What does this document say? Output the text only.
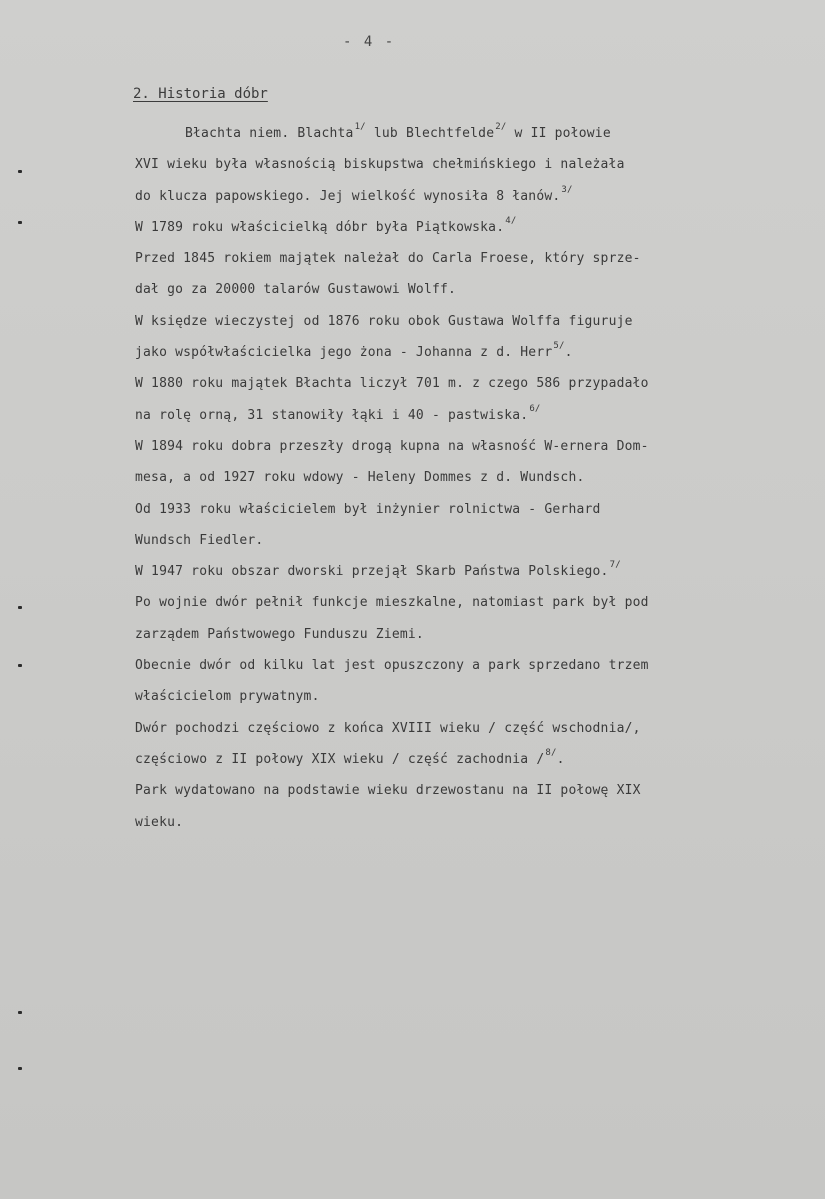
- 4 -
2. Historia dóbr
Błachta niem. Blachta$^{1/}$ lub Blechtfelde$^{2/}$ w II połowie
XVI wieku była własnością biskupstwa chełmińskiego i należała
do klucza papowskiego. Jej wielkość wynosiła 8 łanów.$^{3/}$
W 1789 roku właścicielką dóbr była Piątkowska.$^{4/}$
Przed 1845 rokiem majątek należał do Carla Froese, który sprze-
dał go za 20000 talarów Gustawowi Wolff.
W księdze wieczystej od 1876 roku obok Gustawa Wolffa figuruje
jako współwłaścicielka jego żona - Johanna z d. Herr$^{5/}$.
W 1880 roku majątek Błachta liczył 701 m. z czego 586 przypadało
na rolę orną, 31 stanowiły łąki i 40 - pastwiska.$^{6/}$
W 1894 roku dobra przeszły drogą kupna na własność W-ernera Dom-
mesa, a od 1927 roku wdowy - Heleny Dommes z d. Wundsch.
Od 1933 roku właścicielem był inżynier rolnictwa - Gerhard
Wundsch Fiedler.
W 1947 roku obszar dworski przejął Skarb Państwa Polskiego.$^{7/}$
Po wojnie dwór pełnił funkcje mieszkalne, natomiast park był pod
zarządem Państwowego Funduszu Ziemi.
Obecnie dwór od kilku lat jest opuszczony a park sprzedano trzem
właścicielom prywatnym.
Dwór pochodzi częściowo z końca XVIII wieku / część wschodnia/,
częściowo z II połowy XIX wieku / część zachodnia /$^{8/}$.
Park wydatowano na podstawie wieku drzewostanu na II połowę XIX
wieku.
